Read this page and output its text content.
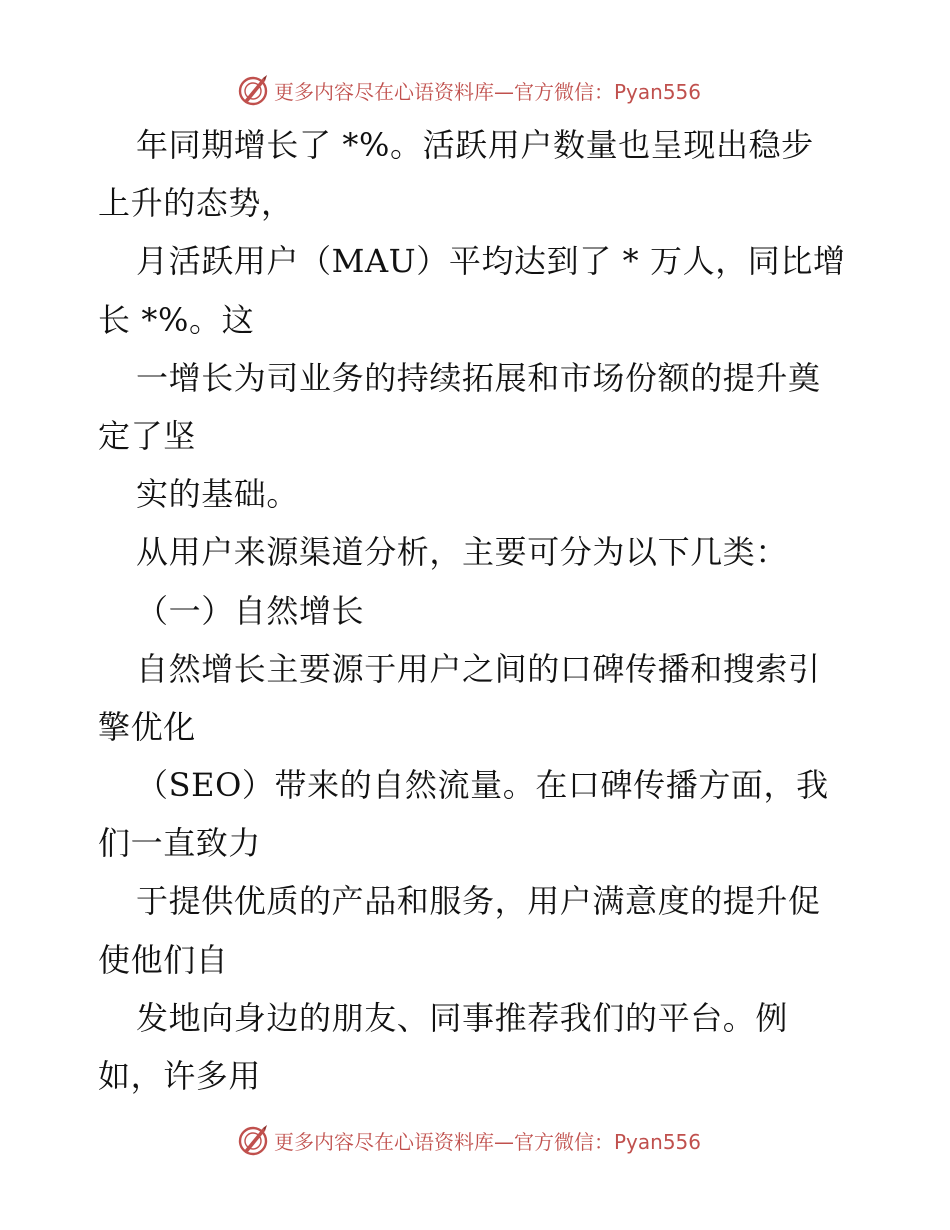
更多内容尽在心语资料库—官方微信：Pyan556
年同期增长了 *%。活跃用户数量也呈现出稳步
上升的态势，
月活跃用户（MAU）平均达到了 * 万人，同比增
长 *%。这
一增长为司业务的持续拓展和市场份额的提升奠
定了坚
实的基础。
从用户来源渠道分析，主要可分为以下几类：
（一）自然增长
自然增长主要源于用户之间的口碑传播和搜索引
擎优化
（SEO）带来的自然流量。在口碑传播方面，我
们一直致力
于提供优质的产品和服务，用户满意度的提升促
使他们自
发地向身边的朋友、同事推荐我们的平台。例
如，许多用
更多内容尽在心语资料库—官方微信：Pyan556
